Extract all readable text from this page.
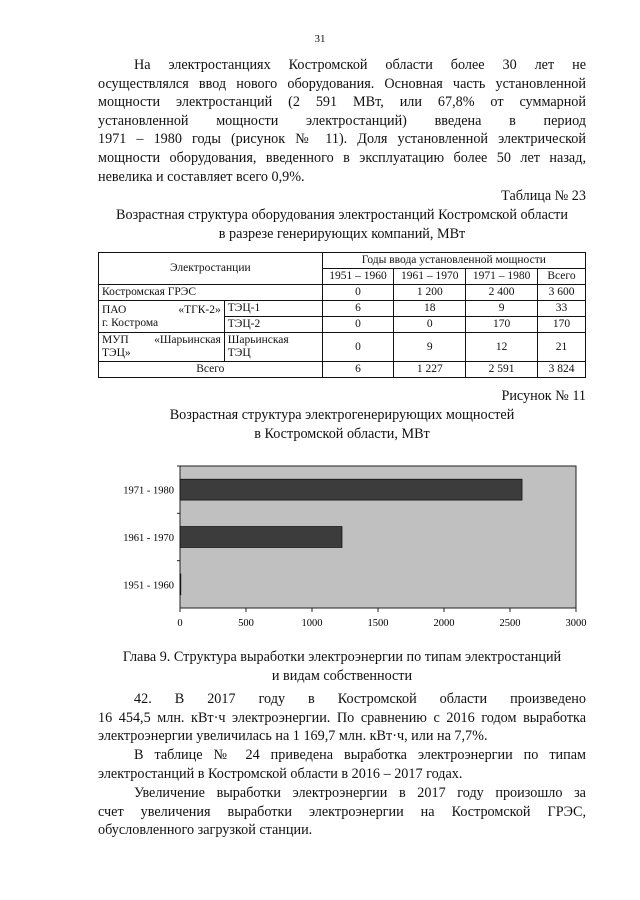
31
На электростанциях Костромской области более 30 лет не
осуществлялся ввод нового оборудования. Основная часть установленной
мощности электростанций (2 591 МВт, или 67,8% от суммарной
установленной мощности электростанций) введена в период
1971 – 1980 годы (рисунок № 11). Доля установленной электрической
мощности оборудования, введенного в эксплуатацию более 50 лет назад,
невелика и составляет всего 0,9%.
Таблица № 23
Возрастная структура оборудования электростанций Костромской области
в разрезе генерирующих компаний, МВт
Электростанции		Годы ввода установленной мощности			
		1951 – 1960	1961 – 1970	1971 – 1980	Всего
Костромская ГРЭС		0	1 200	2 400	3 600

ПАО «ТГК-2»
г. Кострома	ТЭЦ-1	6	18	9	33
	ТЭЦ-2	0	0	170	170

МУП «Шарьинская
ТЭЦ»	Шарьинская
ТЭЦ	0	9	12	21
Всего		6	1 227	2 591	3 824
Рисунок № 11
Возрастная структура электрогенерирующих мощностей
в Костромской области, МВт
1971 - 1980
1961 - 1970
1951 - 1960
0	500	1000	1500	2000	2500	3000
Глава 9. Структура выработки электроэнергии по типам электростанций
и видам собственности
42. В 2017 году в Костромской области произведено
16 454,5 млн. кВт·ч электроэнергии. По сравнению с 2016 годом выработка
электроэнергии увеличилась на 1 169,7 млн. кВт·ч, или на 7,7%.
В таблице № 24 приведена выработка электроэнергии по типам
электростанций в Костромской области в 2016 – 2017 годах.
Увеличение выработки электроэнергии в 2017 году произошло за
счет увеличения выработки электроэнергии на Костромской ГРЭС,
обусловленного загрузкой станции.
